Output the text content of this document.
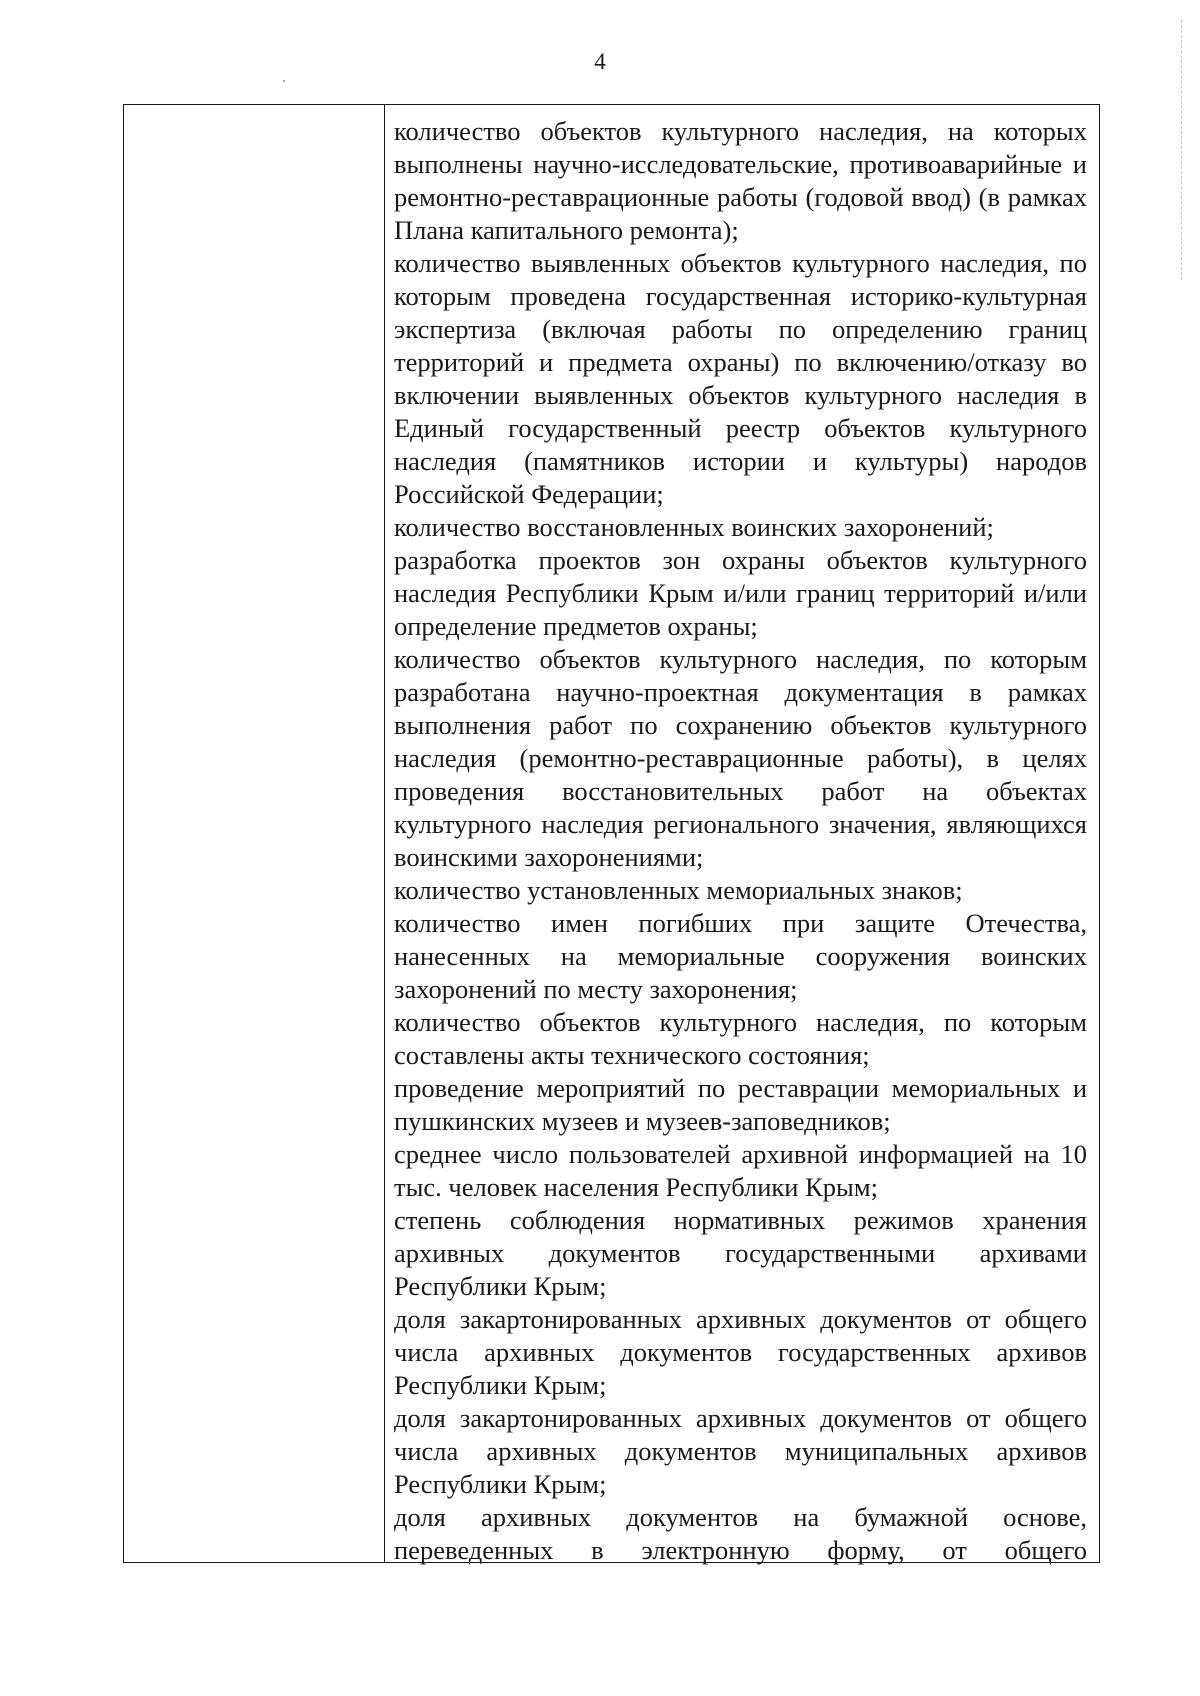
4

количество объектов культурного наследия, на которых выполнены научно-исследовательские, противоаварийные и ремонтно-реставрационные работы (годовой ввод) (в рамках Плана капитального ремонта);

количество выявленных объектов культурного наследия, по которым проведена государственная историко-культурная экспертиза (включая работы по определению границ территорий и предмета охраны) по включению/отказу во включении выявленных объектов культурного наследия в Единый государственный реестр объектов культурного наследия (памятников истории и культуры) народов Российской Федерации;

количество восстановленных воинских захоронений;

разработка проектов зон охраны объектов культурного наследия Республики Крым и/или границ территорий и/или определение предметов охраны;

количество объектов культурного наследия, по которым разработана научно-проектная документация в рамках выполнения работ по сохранению объектов культурного наследия (ремонтно-реставрационные работы), в целях проведения восстановительных работ на объектах культурного наследия регионального значения, являющихся воинскими захоронениями;

количество установленных мемориальных знаков;

количество имен погибших при защите Отечества, нанесенных на мемориальные сооружения воинских захоронений по месту захоронения;

количество объектов культурного наследия, по которым составлены акты технического состояния;

проведение мероприятий по реставрации мемориальных и пушкинских музеев и музеев-заповедников;

среднее число пользователей архивной информацией на 10 тыс. человек населения Республики Крым;

степень соблюдения нормативных режимов хранения архивных документов государственными архивами Республики Крым;

доля закартонированных архивных документов от общего числа архивных документов государственных архивов Республики Крым;

доля закартонированных архивных документов от общего числа архивных документов муниципальных архивов Республики Крым;

доля архивных документов на бумажной основе, переведенных в электронную форму, от общего
